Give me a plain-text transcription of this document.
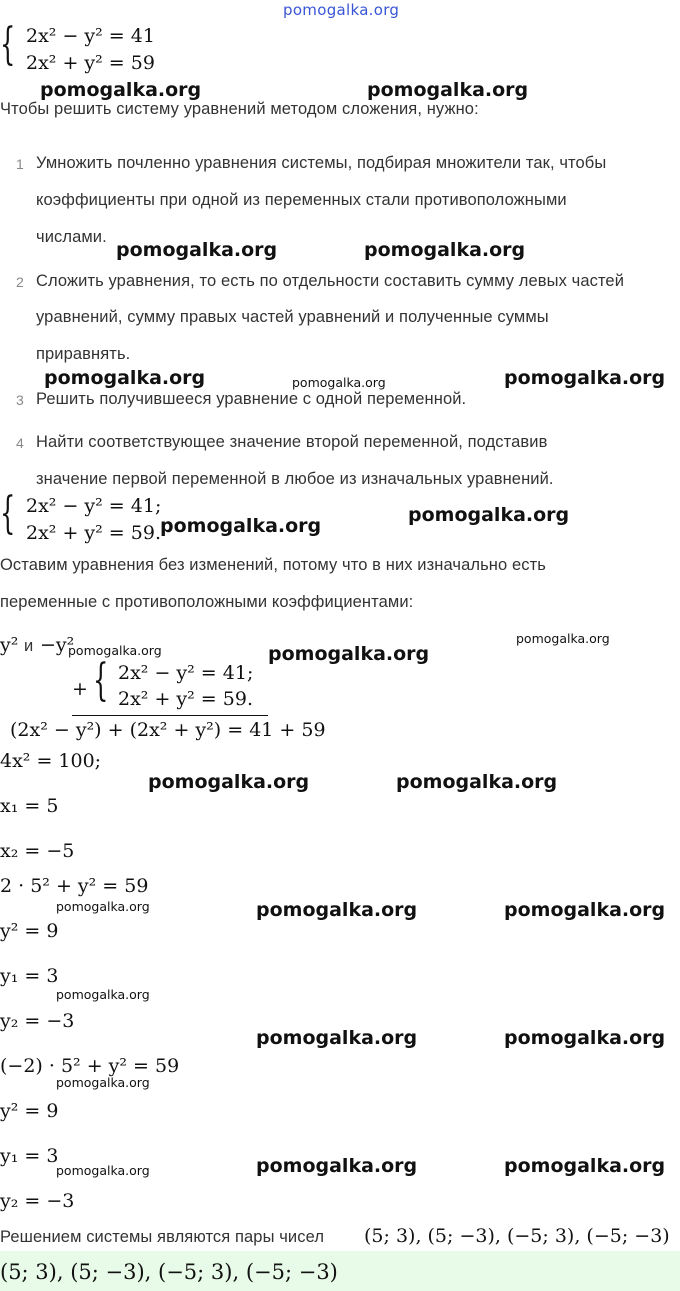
pomogalka.org
{ 2x² − y² = 41
2x² + y² = 59
pomogalka.org	pomogalka.org
Чтобы решить систему уравнений методом сложения, нужно:
1 Умножить почленно уравнения системы, подбирая множители так, чтобы
коэффициенты при одной из переменных стали противоположными
числами.
pomogalka.org	pomogalka.org
2 Сложить уравнения, то есть по отдельности составить сумму левых частей
уравнений, сумму правых частей уравнений и полученные суммы
приравнять.
pomogalka.org	pomogalka.org	pomogalka.org
3 Решить получившееся уравнение с одной переменной.
4 Найти соответствующее значение второй переменной, подставив
значение первой переменной в любое из изначальных уравнений.
{ 2x² − y² = 41;
2x² + y² = 59. pomogalka.org	pomogalka.org
Оставим уравнения без изменений, потому что в них изначально есть
переменные с противоположными коэффициентами:
y² и −y²
pomogalka.org	pomogalka.org
pomogalka.org
+ { 2x² − y² = 41;
2x² + y² = 59.
(2x² − y²) + (2x² + y²) = 41 + 59
4x² = 100;
pomogalka.org	pomogalka.org
x₁ = 5
x₂ = −5
2 · 5² + y² = 59
pomogalka.org	pomogalka.org	pomogalka.org
y² = 9
y₁ = 3
pomogalka.org
y₂ = −3
pomogalka.org	pomogalka.org
(−2) · 5² + y² = 59
pomogalka.org
y² = 9
y₁ = 3
pomogalka.org	pomogalka.org	pomogalka.org
y₂ = −3
Решением системы являются пары чисел (5; 3), (5; −3), (−5; 3), (−5; −3)
(5; 3), (5; −3), (−5; 3), (−5; −3)
